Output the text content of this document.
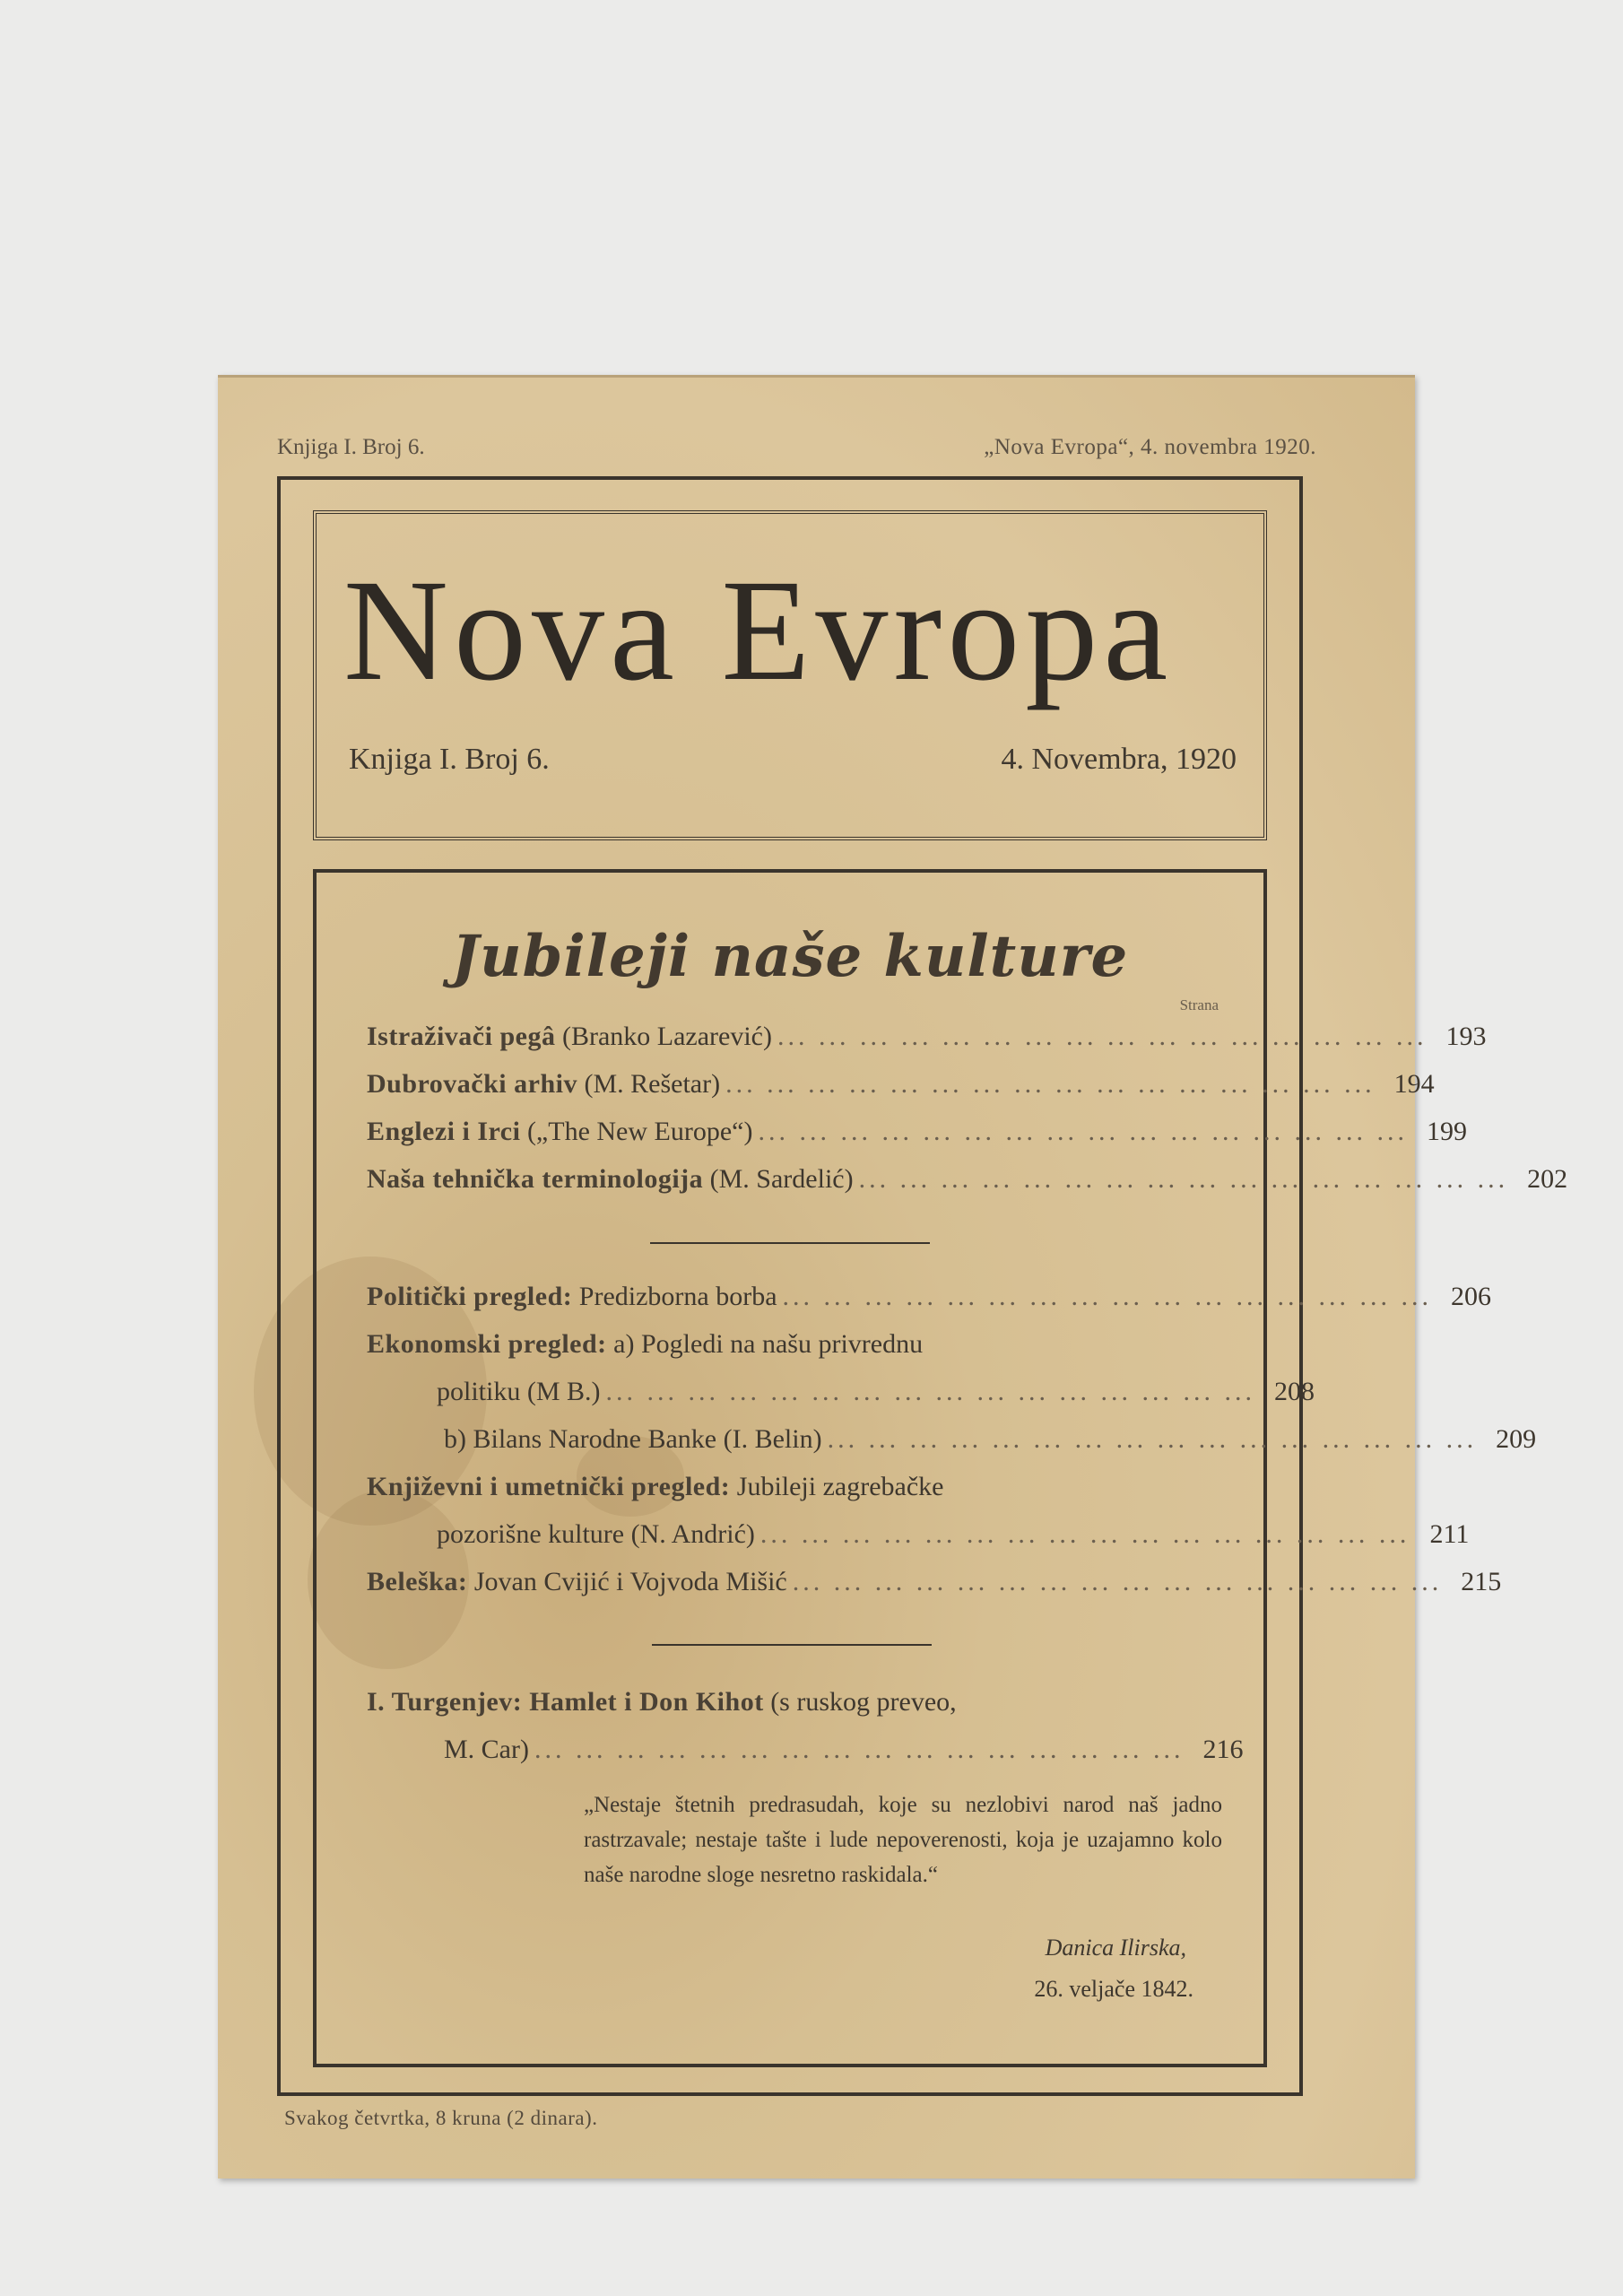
Knjiga I. Broj 6.	„Nova Evropa“, 4. novembra 1920.
Nova Evropa
Knjiga I. Broj 6.	4. Novembra, 1920
Jubileji naše kulture
Strana
Istraživači pegâ (Branko Lazarević) ... ... ... ... ... ... ... ... ... ... ... ... ... ... ... ... 193
Dubrovački arhiv (M. Rešetar) ... ... ... ... ... ... ... ... ... ... ... ... ... ... ... ... 194
Englezi i Irci („The New Europe“) ... ... ... ... ... ... ... ... ... ... ... ... ... ... ... ... 199
Naša tehnička terminologija (M. Sardelić) ... ... ... ... ... ... ... ... ... ... ... ... ... ... ... ... 202
Politički pregled: Predizborna borba ... ... ... ... ... ... ... ... ... ... ... ... ... ... ... ... 206
Ekonomski pregled: a) Pogledi na našu privrednu
politiku (M B.) ... ... ... ... ... ... ... ... ... ... ... ... ... ... ... ... 208
b) Bilans Narodne Banke (I. Belin) ... ... ... ... ... ... ... ... ... ... ... ... ... ... ... ... 209
Književni i umetnički pregled: Jubileji zagrebačke
pozorišne kulture (N. Andrić) ... ... ... ... ... ... ... ... ... ... ... ... ... ... ... ... 211
Beleška: Jovan Cvijić i Vojvoda Mišić ... ... ... ... ... ... ... ... ... ... ... ... ... ... ... ... 215
I. Turgenjev: Hamlet i Don Kihot (s ruskog preveo,
M. Car) ... ... ... ... ... ... ... ... ... ... ... ... ... ... ... ... 216
„Nestaje štetnih predrasudah, koje su nezlobivi narod naš jadno rastrzavale; nestaje tašte i lude nepoverenosti, koja je uzajamno kolo naše narodne sloge nesretno raskidala.“
Danica Ilirska,
26. veljače 1842.
Svakog četvrtka, 8 kruna (2 dinara).
